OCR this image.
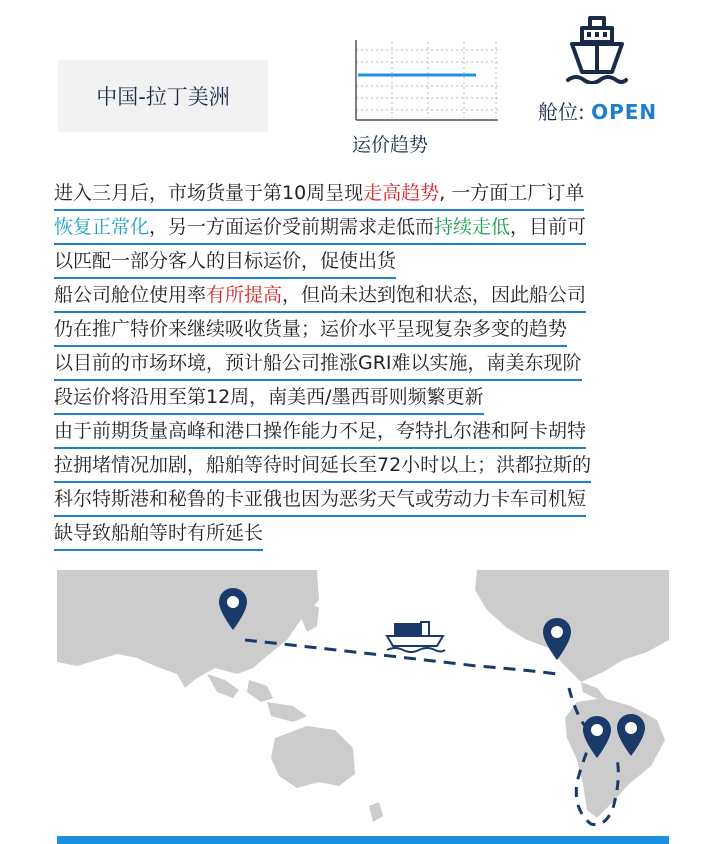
中国-拉丁美洲
运价趋势
舱位: OPEN
进入三月后，市场货量于第10周呈现走高趋势, 一方面工厂订单
恢复正常化，另一方面运价受前期需求走低而持续走低，目前可
以匹配一部分客人的目标运价，促使出货
船公司舱位使用率有所提高，但尚未达到饱和状态，因此船公司
仍在推广特价来继续吸收货量；运价水平呈现复杂多变的趋势
以目前的市场环境，预计船公司推涨GRI难以实施，南美东现阶
段运价将沿用至第12周，南美西/墨西哥则频繁更新
由于前期货量高峰和港口操作能力不足，夸特扎尔港和阿卡胡特
拉拥堵情况加剧，船舶等待时间延长至72小时以上；洪都拉斯的
科尔特斯港和秘鲁的卡亚俄也因为恶劣天气或劳动力卡车司机短
缺导致船舶等时有所延长
